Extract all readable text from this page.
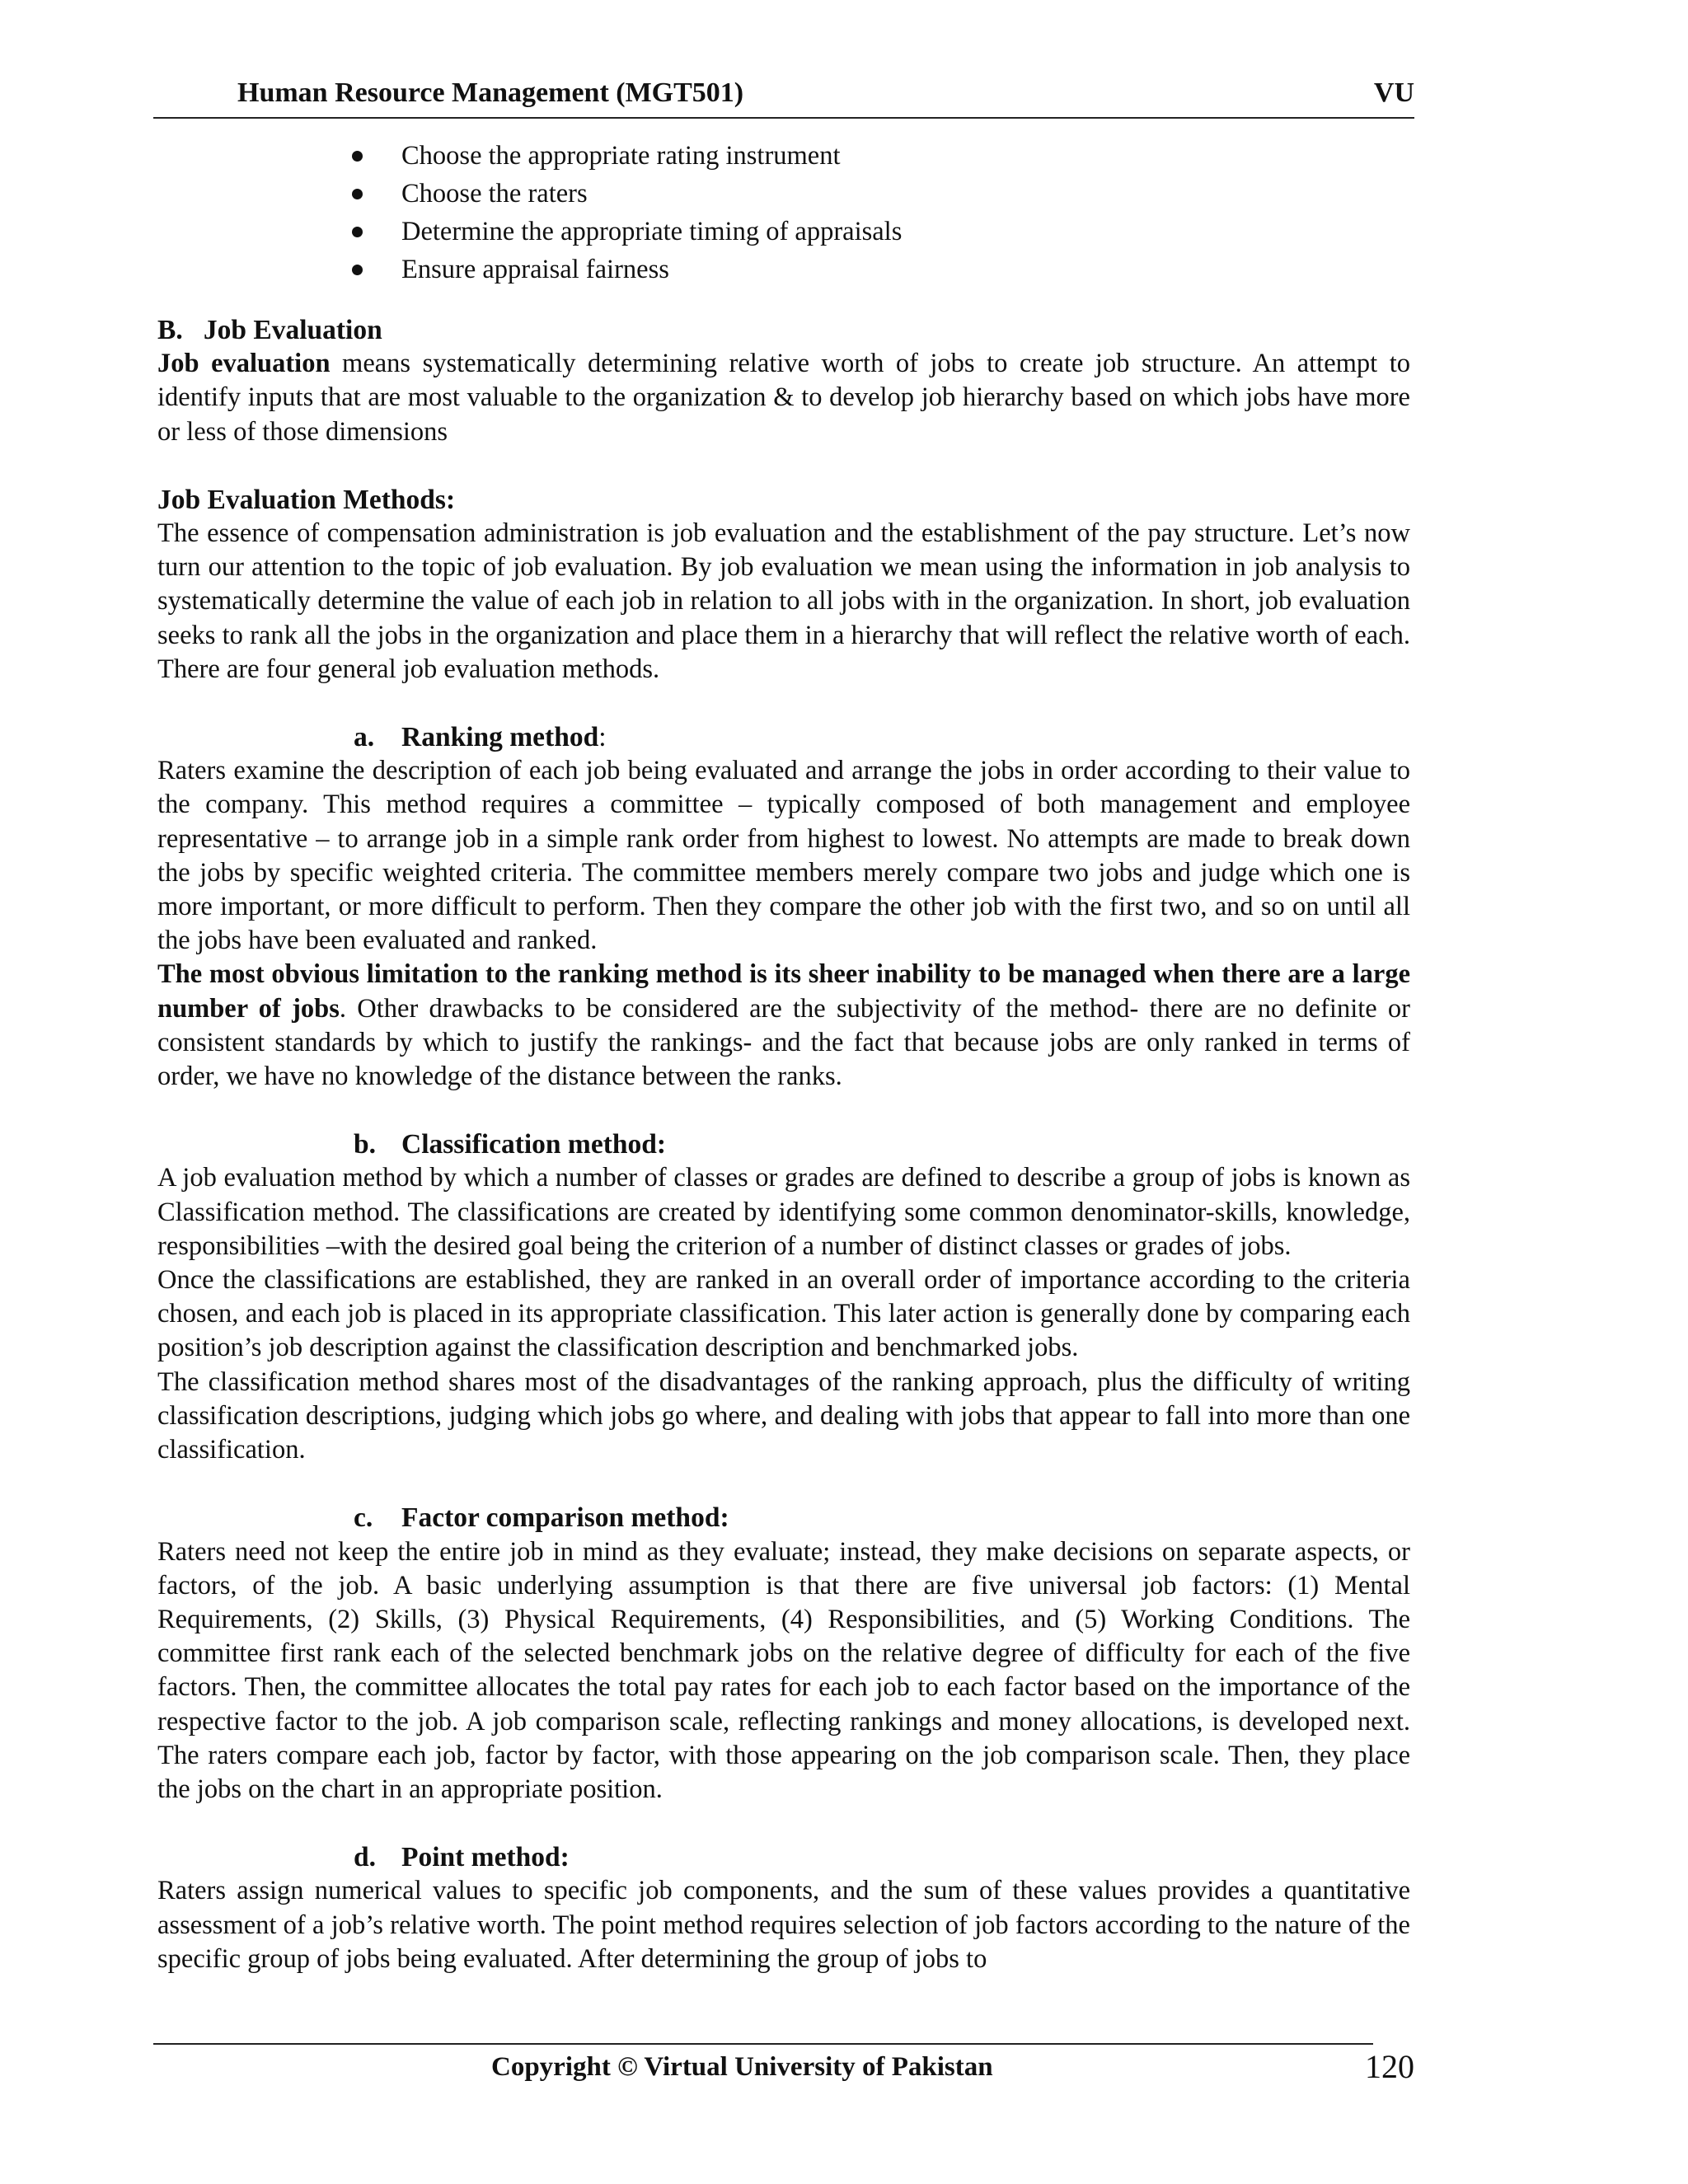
Human Resource Management (MGT501)	VU
Choose the appropriate rating instrument
Choose the raters
Determine the appropriate timing of appraisals
Ensure appraisal fairness
B.   Job Evaluation

Job evaluation means systematically determining relative worth of jobs to create job structure. An attempt to identify inputs that are most valuable to the organization & to develop job hierarchy based on which jobs have more or less of those dimensions

Job Evaluation Methods:

The essence of compensation administration is job evaluation and the establishment of the pay structure. Let’s now turn our attention to the topic of job evaluation. By job evaluation we mean using the information in job analysis to systematically determine the value of each job in relation to all jobs with in the organization. In short, job evaluation seeks to rank all the jobs in the organization and place them in a hierarchy that will reflect the relative worth of each. There are four general job evaluation methods.

a. Ranking method:

Raters examine the description of each job being evaluated and arrange the jobs in order according to their value to the company. This method requires a committee – typically composed of both management and employee representative – to arrange job in a simple rank order from highest to lowest. No attempts are made to break down the jobs by specific weighted criteria. The committee members merely compare two jobs and judge which one is more important, or more difficult to perform. Then they compare the other job with the first two, and so on until all the jobs have been evaluated and ranked.

The most obvious limitation to the ranking method is its sheer inability to be managed when there are a large number of jobs. Other drawbacks to be considered are the subjectivity of the method- there are no definite or consistent standards by which to justify the rankings- and the fact that because jobs are only ranked in terms of order, we have no knowledge of the distance between the ranks.

b. Classification method:

A job evaluation method by which a number of classes or grades are defined to describe a group of jobs is known as Classification method. The classifications are created by identifying some common denominator-skills, knowledge, responsibilities –with the desired goal being the criterion of a number of distinct classes or grades of jobs.

Once the classifications are established, they are ranked in an overall order of importance according to the criteria chosen, and each job is placed in its appropriate classification. This later action is generally done by comparing each position’s job description against the classification description and benchmarked jobs.

The classification method shares most of the disadvantages of the ranking approach, plus the difficulty of writing classification descriptions, judging which jobs go where, and dealing with jobs that appear to fall into more than one classification.

c. Factor comparison method:

Raters need not keep the entire job in mind as they evaluate; instead, they make decisions on separate aspects, or factors, of the job. A basic underlying assumption is that there are five universal job factors: (1) Mental Requirements, (2) Skills, (3) Physical Requirements, (4) Responsibilities, and (5) Working Conditions. The committee first rank each of the selected benchmark jobs on the relative degree of difficulty for each of the five factors. Then, the committee allocates the total pay rates for each job to each factor based on the importance of the respective factor to the job. A job comparison scale, reflecting rankings and money allocations, is developed next. The raters compare each job, factor by factor, with those appearing on the job comparison scale. Then, they place the jobs on the chart in an appropriate position.

d. Point method:

Raters assign numerical values to specific job components, and the sum of these values provides a quantitative assessment of a job’s relative worth. The point method requires selection of job factors according to the nature of the specific group of jobs being evaluated. After determining the group of jobs to

Copyright © Virtual University of Pakistan	120
